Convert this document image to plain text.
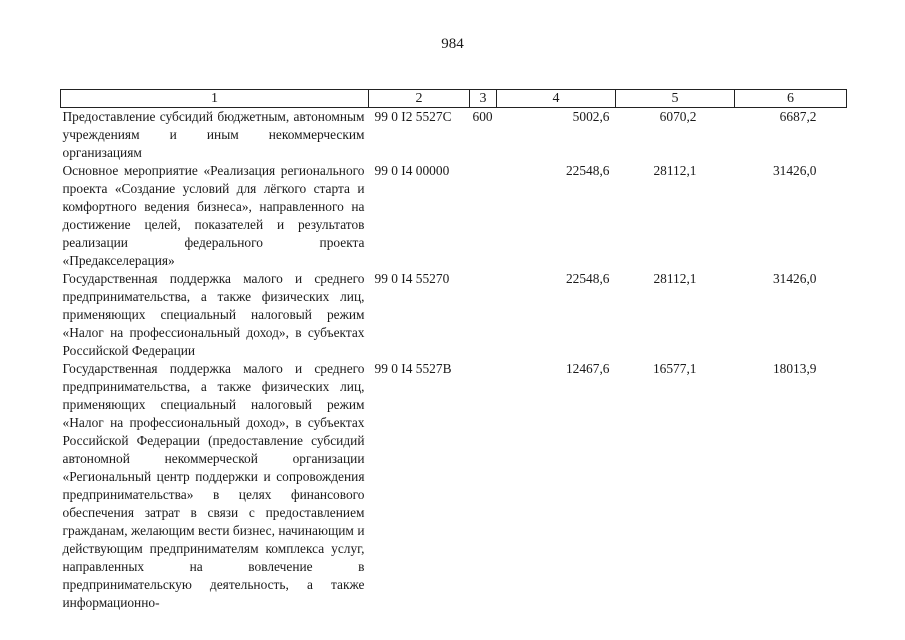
984
1	2	3	4	5	6
Предоставление субсидий бюджетным, автономным учреждениям и иным некоммерческим организациям	99 0 I2 5527C	600	5002,6	6070,2	6687,2
Основное мероприятие «Реализация регионального проекта «Создание условий для лёгкого старта и комфортного ведения бизнеса», направленного на достижение целей, показателей и результатов реализации федерального проекта «Предакселерация»	99 0 I4 00000		22548,6	28112,1	31426,0
Государственная поддержка малого и среднего предпринимательства, а также физических лиц, применяющих специальный налоговый режим «Налог на профессиональный доход», в субъектах Российской Федерации	99 0 I4 55270		22548,6	28112,1	31426,0
Государственная поддержка малого и среднего предпринимательства, а также физических лиц, применяющих специальный налоговый режим «Налог на профессиональный доход», в субъектах Российской Федерации (предоставление субсидий автономной некоммерческой организации «Региональный центр поддержки и сопровождения предпринимательства» в целях финансового обеспечения затрат в связи с предоставлением гражданам, желающим вести бизнес, начинающим и действующим предпринимателям комплекса услуг, направленных на вовлечение в предпринимательскую деятельность, а также информационно-	99 0 I4 5527B		12467,6	16577,1	18013,9
